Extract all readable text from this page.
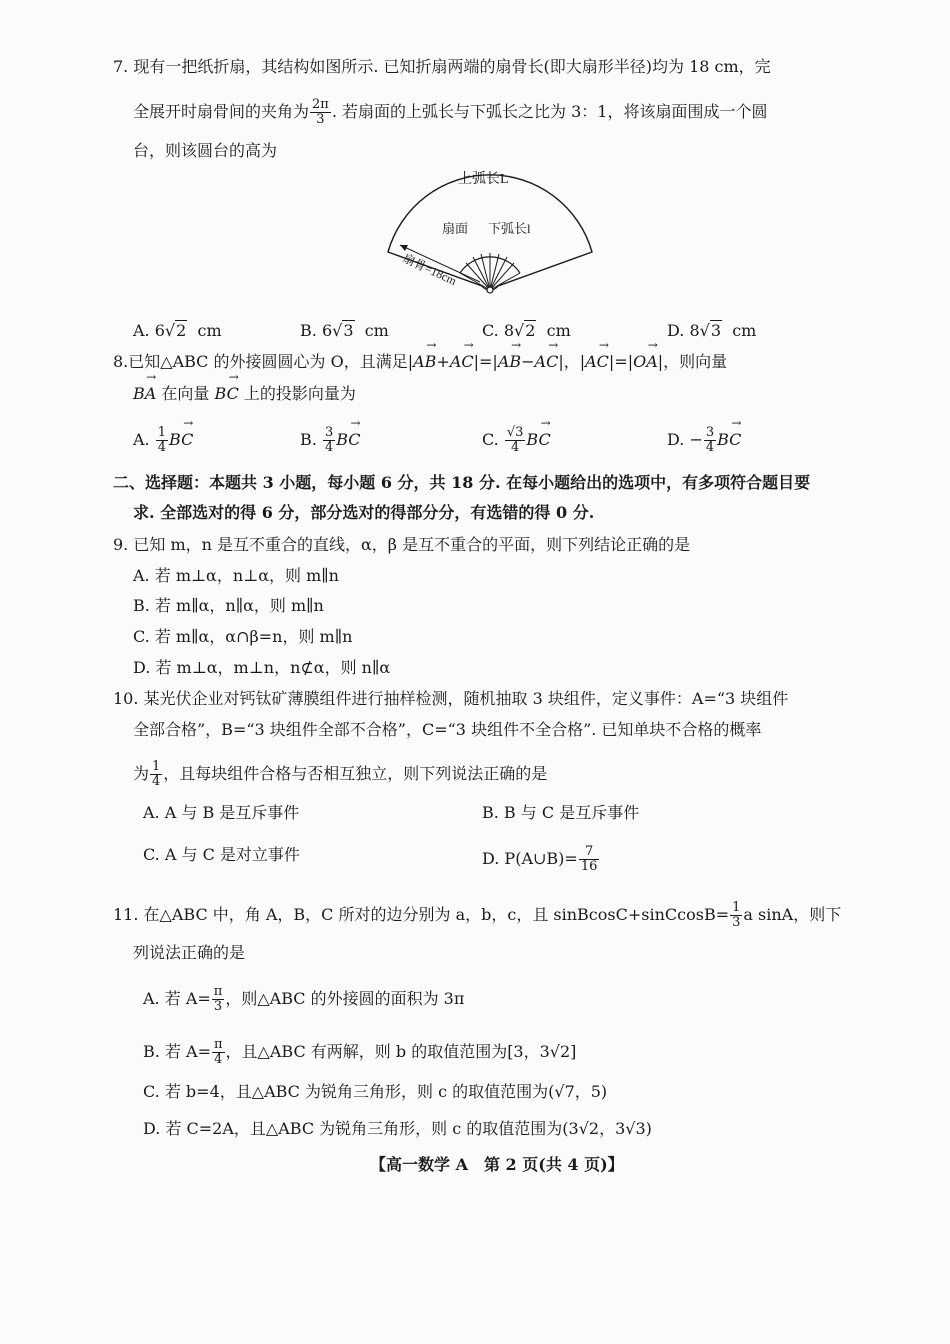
7. 现有一把纸折扇，其结构如图所示. 已知折扇两端的扇骨长(即大扇形半径)均为 18 cm，完
全展开时扇骨间的夹角为 $\frac{2\pi}{3}$ . 若扇面的上弧长与下弧长之比为 3：1，将该扇面围成一个圆
台，则该圆台的高为
上弧长L
扇面 下弧长l
扇骨=18cm
A. 6√2 cm	B. 6√3 cm	C. 8√2 cm	D. 8√3 cm
8.已知△ABC 的外接圆圆心为 O，且满足|→ AB+→ AC|=|→ AB−→ AC|，|→ AC|=|→ OA|，则向量
→ BA 在向量 → BC 上的投影向量为
A. $\frac{1}{4}$ → BC	B. $\frac{3}{4}$ → BC	C. $\frac{√3}{4}$ → BC	D. − $\frac{3}{4}$ → BC
二、选择题：本题共 3 小题，每小题 6 分，共 18 分. 在每小题给出的选项中，有多项符合题目要
求. 全部选对的得 6 分，部分选对的得部分分，有选错的得 0 分.
9. 已知 m，n 是互不重合的直线，α，β 是互不重合的平面，则下列结论正确的是
A. 若 m⊥α，n⊥α，则 m∥n
B. 若 m∥α，n∥α，则 m∥n
C. 若 m∥α，α∩β=n，则 m∥n
D. 若 m⊥α，m⊥n，n⊄α，则 n∥α
10. 某光伏企业对钙钛矿薄膜组件进行抽样检测，随机抽取 3 块组件，定义事件：A=“3 块组件
全部合格”，B=“3 块组件全部不合格”，C=“3 块组件不全合格”. 已知单块不合格的概率
为 $\frac{1}{4}$ ，且每块组件合格与否相互独立，则下列说法正确的是
A. A 与 B 是互斥事件	B. B 与 C 是互斥事件
C. A 与 C 是对立事件	D. P(A∪B)= $\frac{7}{16}$
11. 在△ABC 中，角 A，B，C 所对的边分别为 a，b，c，且 sinBcosC+sinCcosB= $\frac{1}{3}$ a sinA，则下
列说法正确的是
A. 若 $A= \frac{\pi}{3}$ ，则△ABC 的外接圆的面积为 3π
B. 若 $A= \frac{\pi}{4}$ ，且△ABC 有两解，则 b 的取值范围为[3，3√2]
C. 若 b=4，且△ABC 为锐角三角形，则 c 的取值范围为(√7，5)
D. 若 C=2A，且△ABC 为锐角三角形，则 c 的取值范围为(3√2，3√3)
【高一数学 A　第 2 页(共 4 页)】
